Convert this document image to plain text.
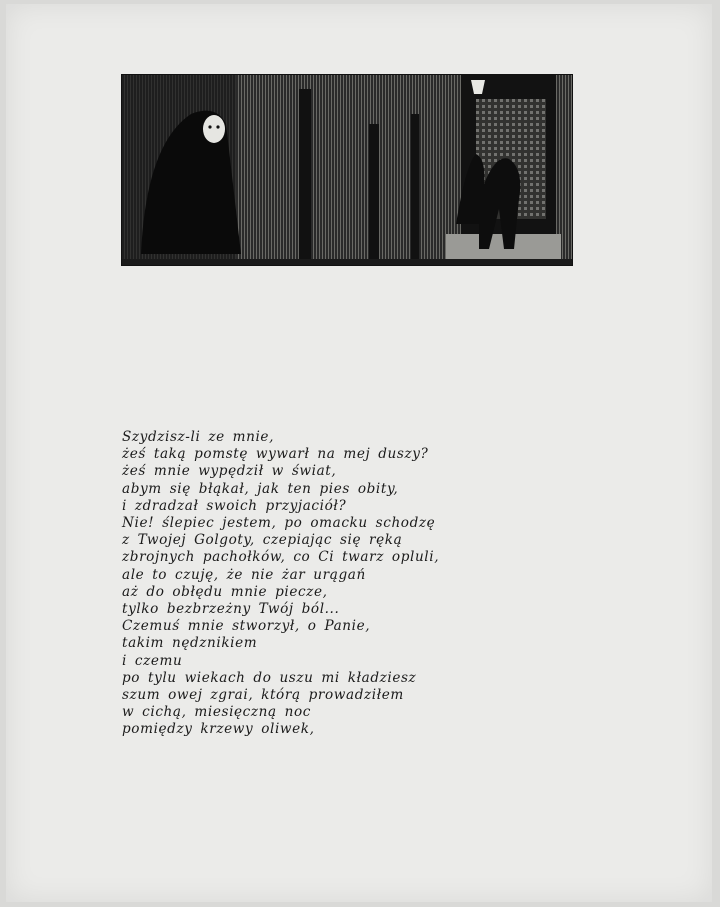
Szydzisz-li ze mnie,
żeś taką pomstę wywarł na mej duszy?
żeś mnie wypędził w świat,
abym się błąkał, jak ten pies obity,
i zdradzał swoich przyjaciół?
Nie! ślepiec jestem, po omacku schodzę
z Twojej Golgoty, czepiając się ręką
zbrojnych pachołków, co Ci twarz opluli,
ale to czuję, że nie żar urągań
aż do obłędu mnie piecze,
tylko bezbrzeżny Twój ból...
Czemuś mnie stworzył, o Panie,
takim nędznikiem
i czemu
po tylu wiekach do uszu mi kładziesz
szum owej zgrai, którą prowadziłem
w cichą, miesięczną noc
pomiędzy krzewy oliwek,
